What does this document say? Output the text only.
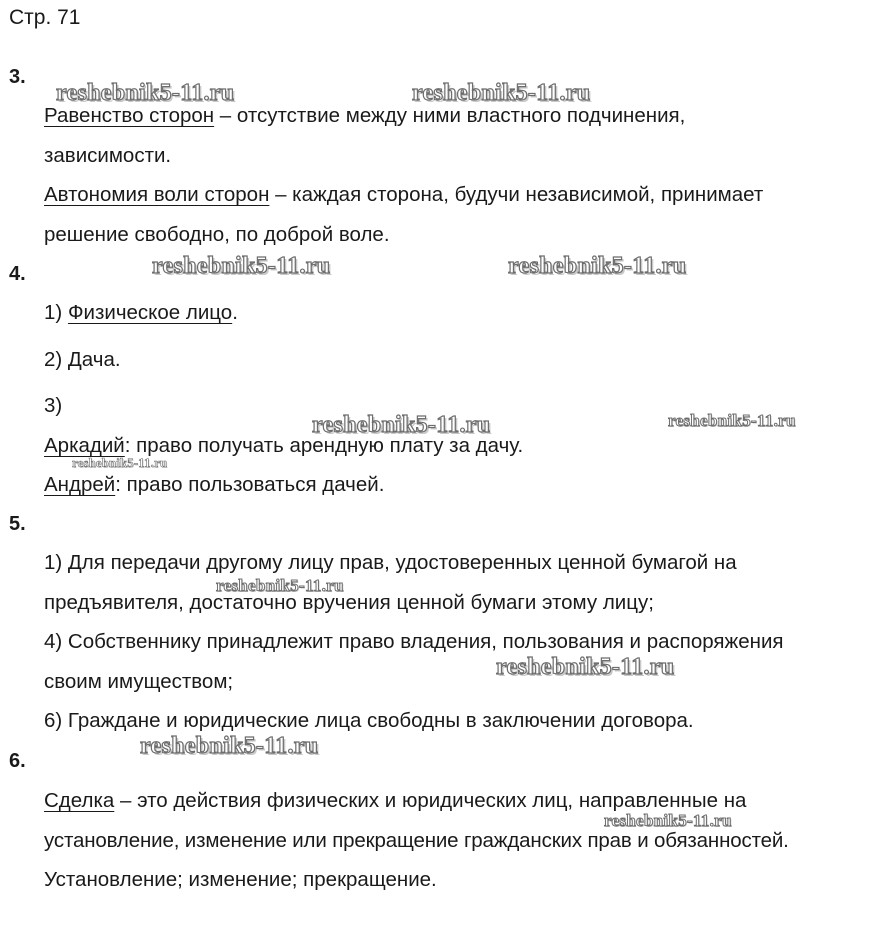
Стр. 71
reshebnik5-11.ru	reshebnik5-11.ru
reshebnik5-11.ru	reshebnik5-11.ru
reshebnik5-11.ru	reshebnik5-11.ru
reshebnik5-11.ru
reshebnik5-11.ru
reshebnik5-11.ru
reshebnik5-11.ru
reshebnik5-11.ru
3.
Равенство сторон – отсутствие между ними властного подчинения,
зависимости.
Автономия воли сторон – каждая сторона, будучи независимой, принимает
решение свободно, по доброй воле.
4.
1) Физическое лицо.
2) Дача.
3)
Аркадий: право получать арендную плату за дачу.
Андрей: право пользоваться дачей.
5.
1) Для передачи другому лицу прав, удостоверенных ценной бумагой на
предъявителя, достаточно вручения ценной бумаги этому лицу;
4) Собственнику принадлежит право владения, пользования и распоряжения
своим имуществом;
6) Граждане и юридические лица свободны в заключении договора.
6.
Сделка – это действия физических и юридических лиц, направленные на
установление, изменение или прекращение гражданских прав и обязанностей.
Установление; изменение; прекращение.
